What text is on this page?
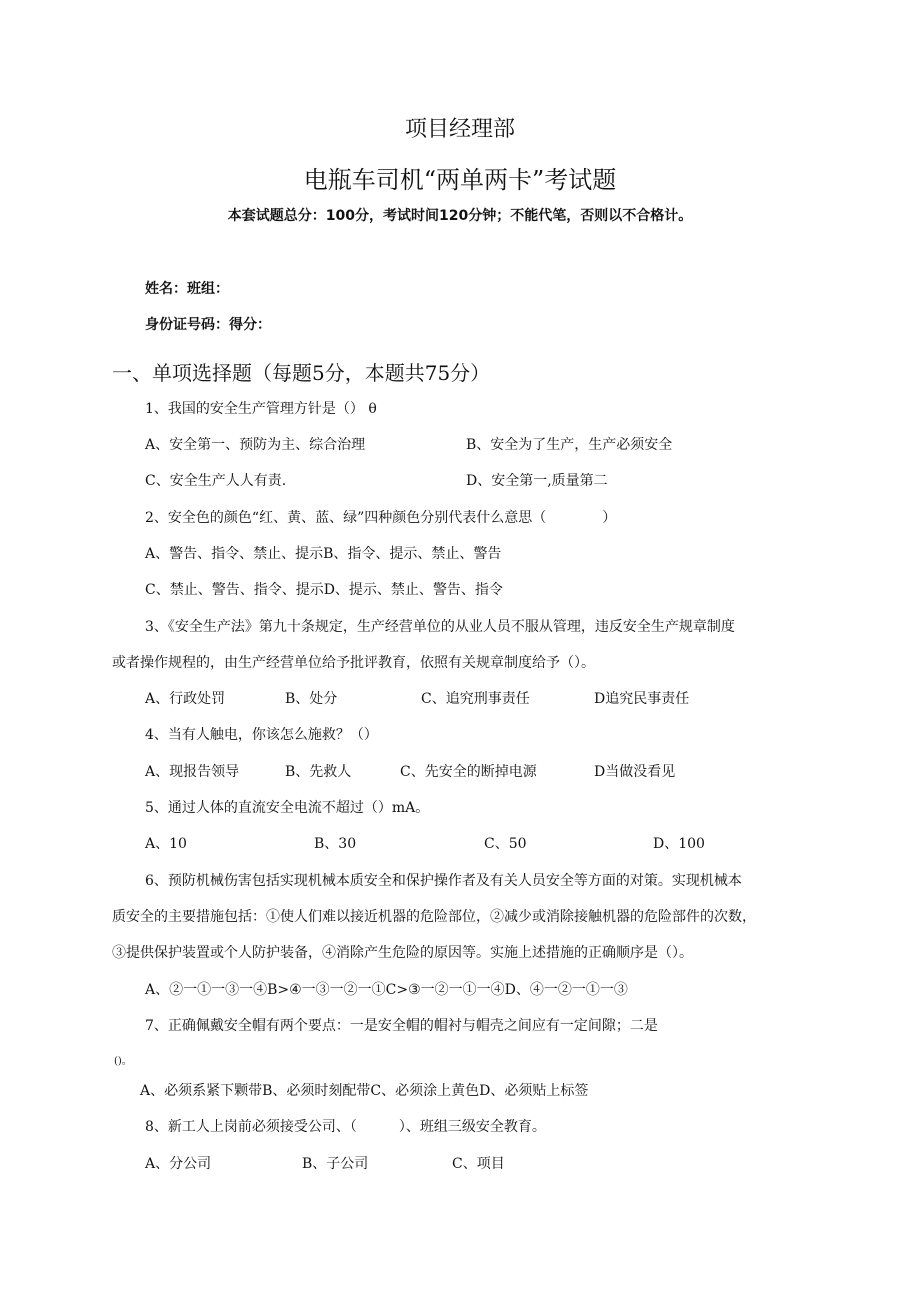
项目经理部
电瓶车司机“两单两卡”考试题
本套试题总分：100分，考试时间120分钟；不能代笔，否则以不合格计。
姓名：班组：
身份证号码：得分：
一、单项选择题（每题5分，本题共75分）
1、我国的安全生产管理方针是（） θ
A、安全第一、预防为主、综合治理	B、安全为了生产，生产必须安全
C、安全生产人人有责.	D、安全第一,质量第二
2、安全色的颜色“红、黄、蓝、绿”四种颜色分别代表什么意思（　　　　）
A、警告、指令、禁止、提示B、指令、提示、禁止、警告
C、禁止、警告、指令、提示D、提示、禁止、警告、指令
3、《安全生产法》第九十条规定，生产经营单位的从业人员不服从管理，违反安全生产规章制度
或者操作规程的，由生产经营单位给予批评教育，依照有关规章制度给予（）。
A、行政处罚	B、处分	C、追究刑事责任	D追究民事责任
4、当有人触电，你该怎么施救？（）
A、现报告领导	B、先救人	C、先安全的断掉电源	D当做没看见
5、通过人体的直流安全电流不超过（）mA。
A、10	B、30	C、50	D、100
6、预防机械伤害包括实现机械本质安全和保护操作者及有关人员安全等方面的对策。实现机械本
质安全的主要措施包括：①使人们难以接近机器的危险部位，②减少或消除接触机器的危险部件的次数，
③提供保护装置或个人防护装备，④消除产生危险的原因等。实施上述措施的正确顺序是（）。
A、②一①一③一④B>④一③一②一①C>③一②一①一④D、④一②一①一③
7、正确佩戴安全帽有两个要点：一是安全帽的帽衬与帽壳之间应有一定间隙；二是
()。
A、必须系紧下颗带B、必须时刻配带C、必须涂上黄色D、必须贴上标签
8、新工人上岗前必须接受公司、（　　　）、班组三级安全教育。
A、分公司	B、子公司	C、项目
